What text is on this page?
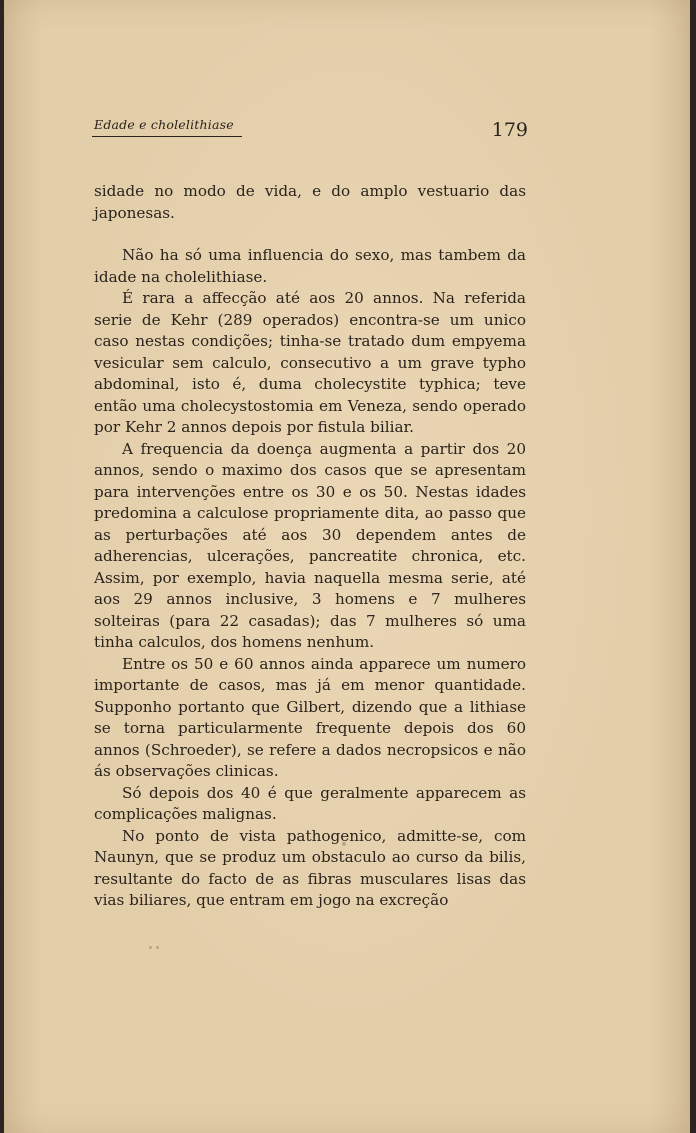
Edade e cholelithiase	179

sidade no modo de vida, e do amplo vestuario das japonesas.

Não ha só uma influencia do sexo, mas tambem da idade na cholelithiase.

É rara a affecção até aos 20 annos. Na referida serie de Kehr (289 operados) encontra-se um unico caso nestas condições; tinha-se tratado dum empyema vesicular sem calculo, consecutivo a um grave typho abdominal, isto é, duma cholecystite typhica; teve então uma cholecystostomia em Veneza, sendo operado por Kehr 2 annos depois por fistula biliar.

A frequencia da doença augmenta a partir dos 20 annos, sendo o maximo dos casos que se apresentam para intervenções entre os 30 e os 50. Nestas idades predomina a calculose propriamente dita, ao passo que as perturbações até aos 30 dependem antes de adherencias, ulcerações, pancreatite chronica, etc. Assim, por exemplo, havia naquella mesma serie, até aos 29 annos inclusive, 3 homens e 7 mulheres solteiras (para 22 casadas); das 7 mulheres só uma tinha calculos, dos homens nenhum.

Entre os 50 e 60 annos ainda apparece um numero importante de casos, mas já em menor quantidade. Supponho portanto que Gilbert, dizendo que a lithiase se torna particularmente frequente depois dos 60 annos (Schroeder), se refere a dados necropsicos e não ás observações clinicas.

Só depois dos 40 é que geralmente apparecem as complicações malignas.

No ponto de vista pathogenico, admitte-se, com Naunyn, que se produz um obstaculo ao curso da bilis, resultante do facto de as fibras musculares lisas das vias biliares, que entram em jogo na excreção
